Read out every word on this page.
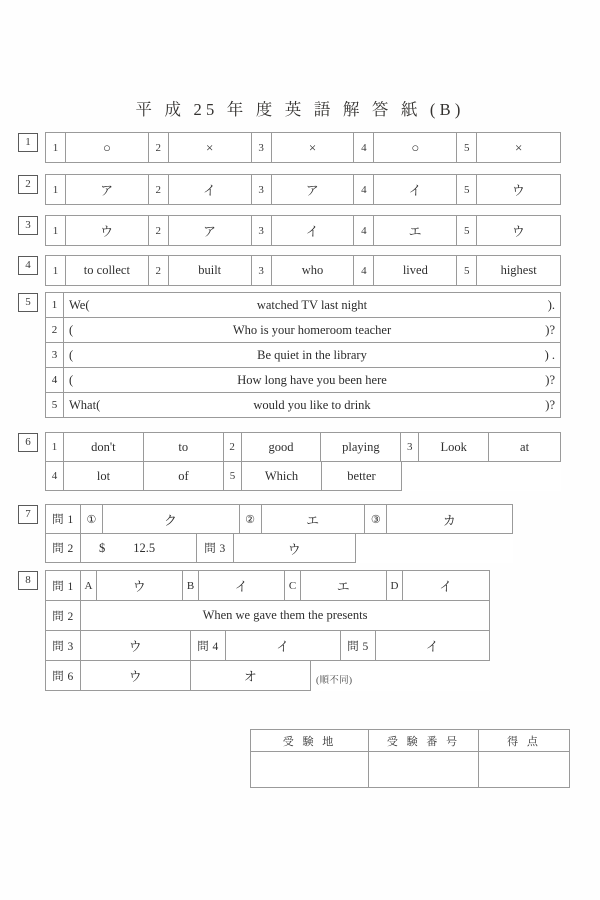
平 成 25 年 度 英 語 解 答 紙 (B)
1	1	○	2	×	3	×	4	○	5	×
2	1	ア	2	イ	3	ア	4	イ	5	ウ
3	1	ウ	2	ア	3	イ	4	エ	5	ウ
4	1	to collect	2	built	3	who	4	lived	5	highest
5	1 We(	watched TV last night	).
2 (	Who is your homeroom teacher	)?
3 (	Be quiet in the library	) .
4 (	How long have you been here	)?
5 What(	would you like to drink	)?
6	1	don't	to	2	good	playing	3	Look	at
4	lot	of	5	Which	better
7	問 1	①	ク	②	エ	③	カ
問 2	$ 12.5	問 3	ウ
8
問 1 A	ウ	B	イ	C	エ	D	イ
問 2	When we gave them the presents
問 3	ウ	問 4	イ	問 5	イ
問 6	ウ	オ	(順不同)
受 験 地	受 験 番 号	得 点
